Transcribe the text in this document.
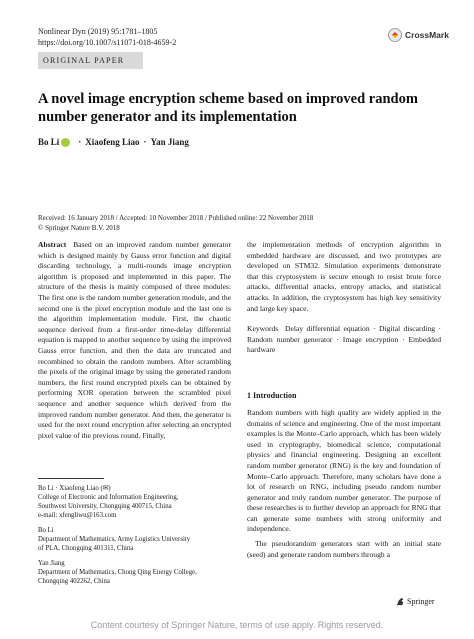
Nonlinear Dyn (2019) 95:1781–1805
https://doi.org/10.1007/s11071-018-4659-2
CrossMark
ORIGINAL PAPER
A novel image encryption scheme based on improved random number generator and its implementation
Bo Li · Xiaofeng Liao · Yan Jiang
Received: 16 January 2018 / Accepted: 10 November 2018 / Published online: 22 November 2018
© Springer Nature B.V. 2018

Abstract Based on an improved random number generator which is designed mainly by Gauss error function and digital discarding technology, a multi-rounds image encryption algorithm is proposed and implemented in this paper. The structure of the thesis is mainly composed of three modules: The first one is the random number generation module, and the second one is the pixel encryption module and the last one is the algorithm implementation module. First, the chaotic sequence derived from a first-order time-delay differential equation is mapped to another sequence by using the improved Gauss error function, and then the data are truncated and recombined to obtain the random numbers. After scrambling the pixels of the original image by using the generated random numbers, the first round encrypted pixels can be obtained by performing XOR operation between the scrambled pixel sequence and another sequence which derived from the improved random number generator. And then, the generator is used for the next round encryption after selecting an encrypted pixel value of the previous round. Finally,

Bo Li · Xiaofeng Liao (✉)
College of Electronic and Information Engineering,
Southwest University, Chongqing 400715, China
e-mail: xfengliwu@163.com
Bo Li
Department of Mathematics, Army Logistics University
of PLA, Chongqing 401311, China
Yan Jiang
Department of Mathematics, Chong Qing Energy College,
Chongqing 402262, China

the implementation methods of encryption algorithm in embedded hardware are discussed, and two prototypes are developed on STM32. Simulation experiments demonstrate that this cryptosystem is secure enough to resist brute force attacks, differential attacks, entropy attacks, and statistical attacks. In addition, the cryptosystem has high key sensitivity and large key space.

Keywords Delay differential equation · Digital discarding · Random number generator · Image encryption · Embedded hardware

1 Introduction

Random numbers with high quality are widely applied in the domains of science and engineering. One of the most important examples is the Monte–Carlo approach, which has been widely used in cryptography, biomedical science, computational physics and financial engineering. Designing an excellent random number generator (RNG) is the key and foundation of Monte–Carlo approach. Therefore, many scholars have done a lot of research on RNG, including pseudo random number generator and truly random number generator. The purpose of these researches is to further develop an approach for RNG that can generate some numbers with strong uniformity and independence.

The pseudorandom generators start with an initial state (seed) and generate random numbers through a

Springer
Content courtesy of Springer Nature, terms of use apply. Rights reserved.
